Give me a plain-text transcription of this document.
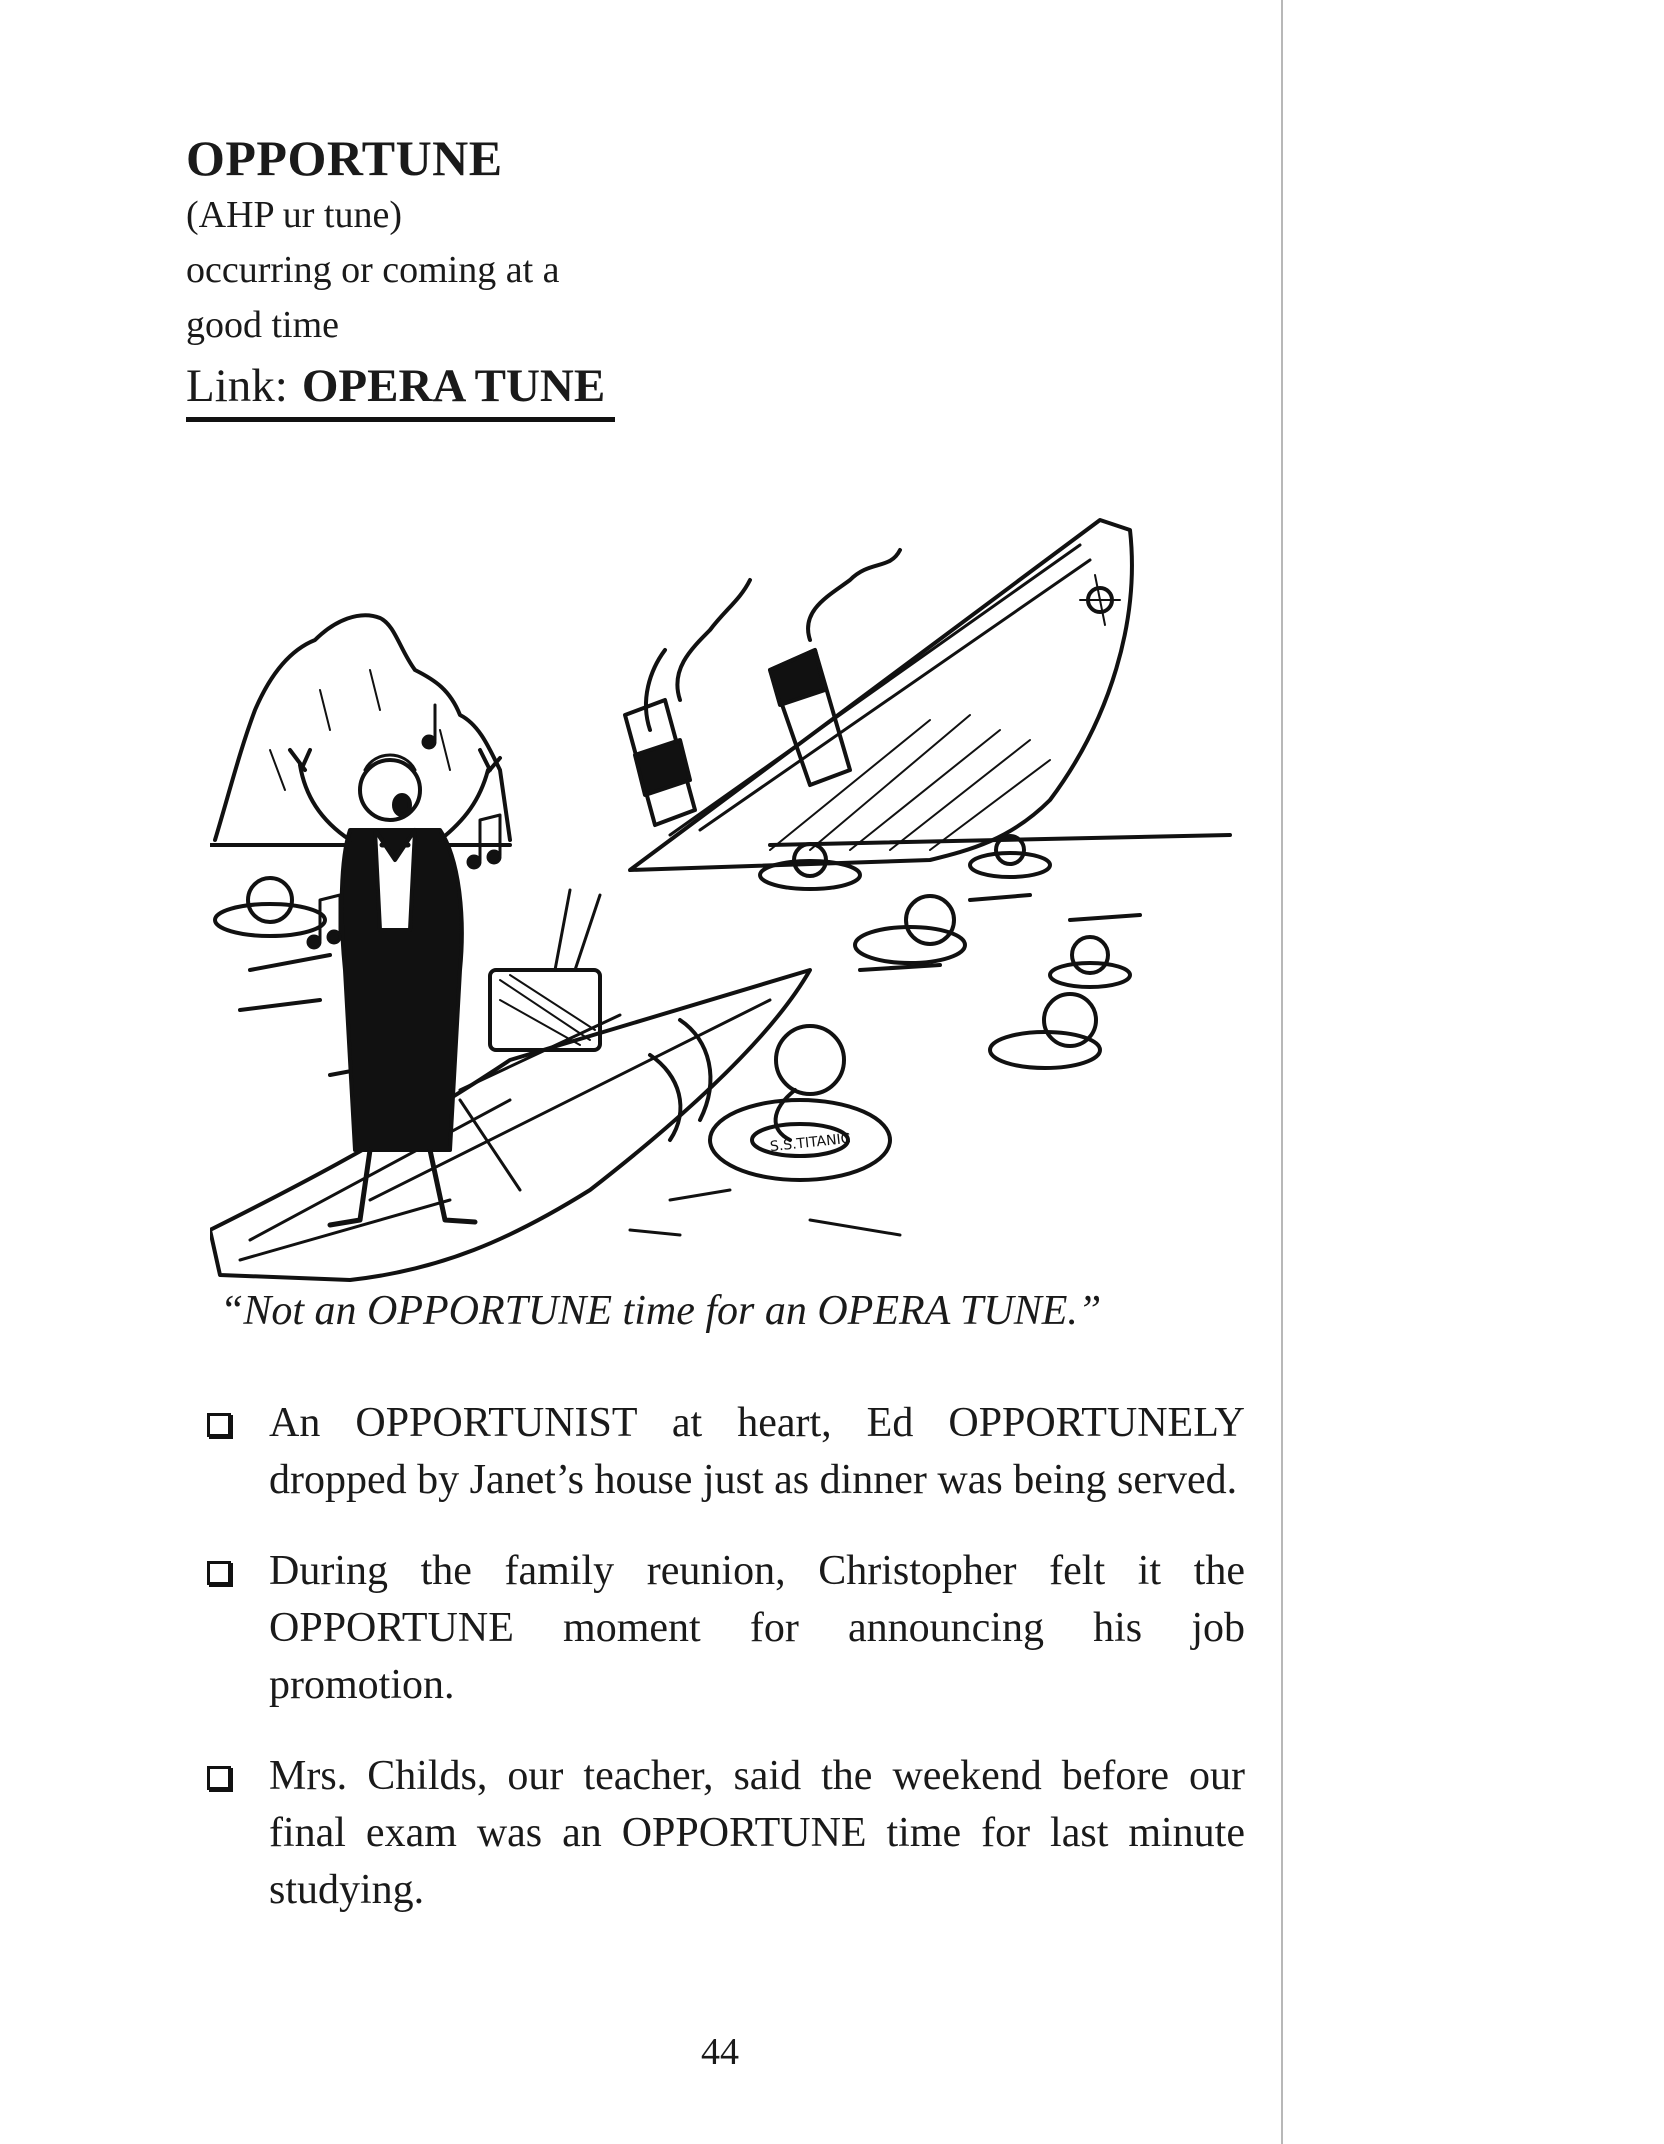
OPPORTUNE
(AHP ur tune)
occurring or coming at a
good time
Link: OPERA TUNE
S.S.TITANIC
“Not an OPPORTUNE time for an OPERA TUNE.”
An OPPORTUNIST at heart, Ed OPPORTUNELY dropped by Janet’s house just as dinner was being served.
During the family reunion, Christopher felt it the OPPORTUNE moment for announcing his job promotion.
Mrs. Childs, our teacher, said the weekend before our final exam was an OPPORTUNE time for last minute studying.
44
